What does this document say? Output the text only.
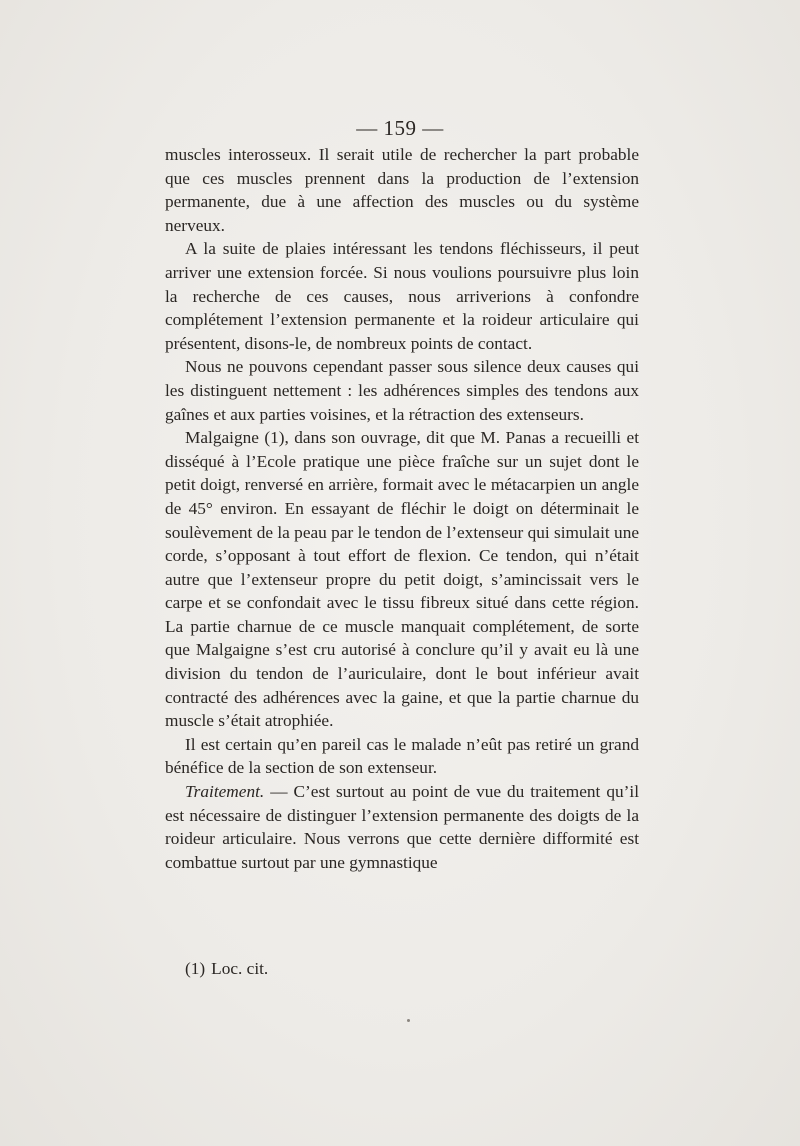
— 159 —

muscles interosseux. Il serait utile de rechercher la part probable que ces muscles prennent dans la production de l’extension permanente, due à une affection des muscles ou du système nerveux.

A la suite de plaies intéressant les tendons fléchisseurs, il peut arriver une extension forcée. Si nous voulions poursuivre plus loin la recherche de ces causes, nous arriverions à confondre complétement l’extension permanente et la roideur articulaire qui présentent, disons-le, de nombreux points de contact.

Nous ne pouvons cependant passer sous silence deux causes qui les distinguent nettement : les adhérences simples des tendons aux gaînes et aux parties voisines, et la rétraction des extenseurs.

Malgaigne (1), dans son ouvrage, dit que M. Panas a recueilli et disséqué à l’Ecole pratique une pièce fraîche sur un sujet dont le petit doigt, renversé en arrière, formait avec le métacarpien un angle de 45° environ. En essayant de fléchir le doigt on déterminait le soulèvement de la peau par le tendon de l’extenseur qui simulait une corde, s’opposant à tout effort de flexion. Ce tendon, qui n’était autre que l’extenseur propre du petit doigt, s’amincissait vers le carpe et se confondait avec le tissu fibreux situé dans cette région. La partie charnue de ce muscle manquait complétement, de sorte que Malgaigne s’est cru autorisé à conclure qu’il y avait eu là une division du tendon de l’auriculaire, dont le bout inférieur avait contracté des adhérences avec la gaine, et que la partie charnue du muscle s’était atrophiée.

Il est certain qu’en pareil cas le malade n’eût pas retiré un grand bénéfice de la section de son extenseur.

Traitement. — C’est surtout au point de vue du traitement qu’il est nécessaire de distinguer l’extension permanente des doigts de la roideur articulaire. Nous verrons que cette dernière difformité est combattue surtout par une gymnastique

(1) Loc. cit.
